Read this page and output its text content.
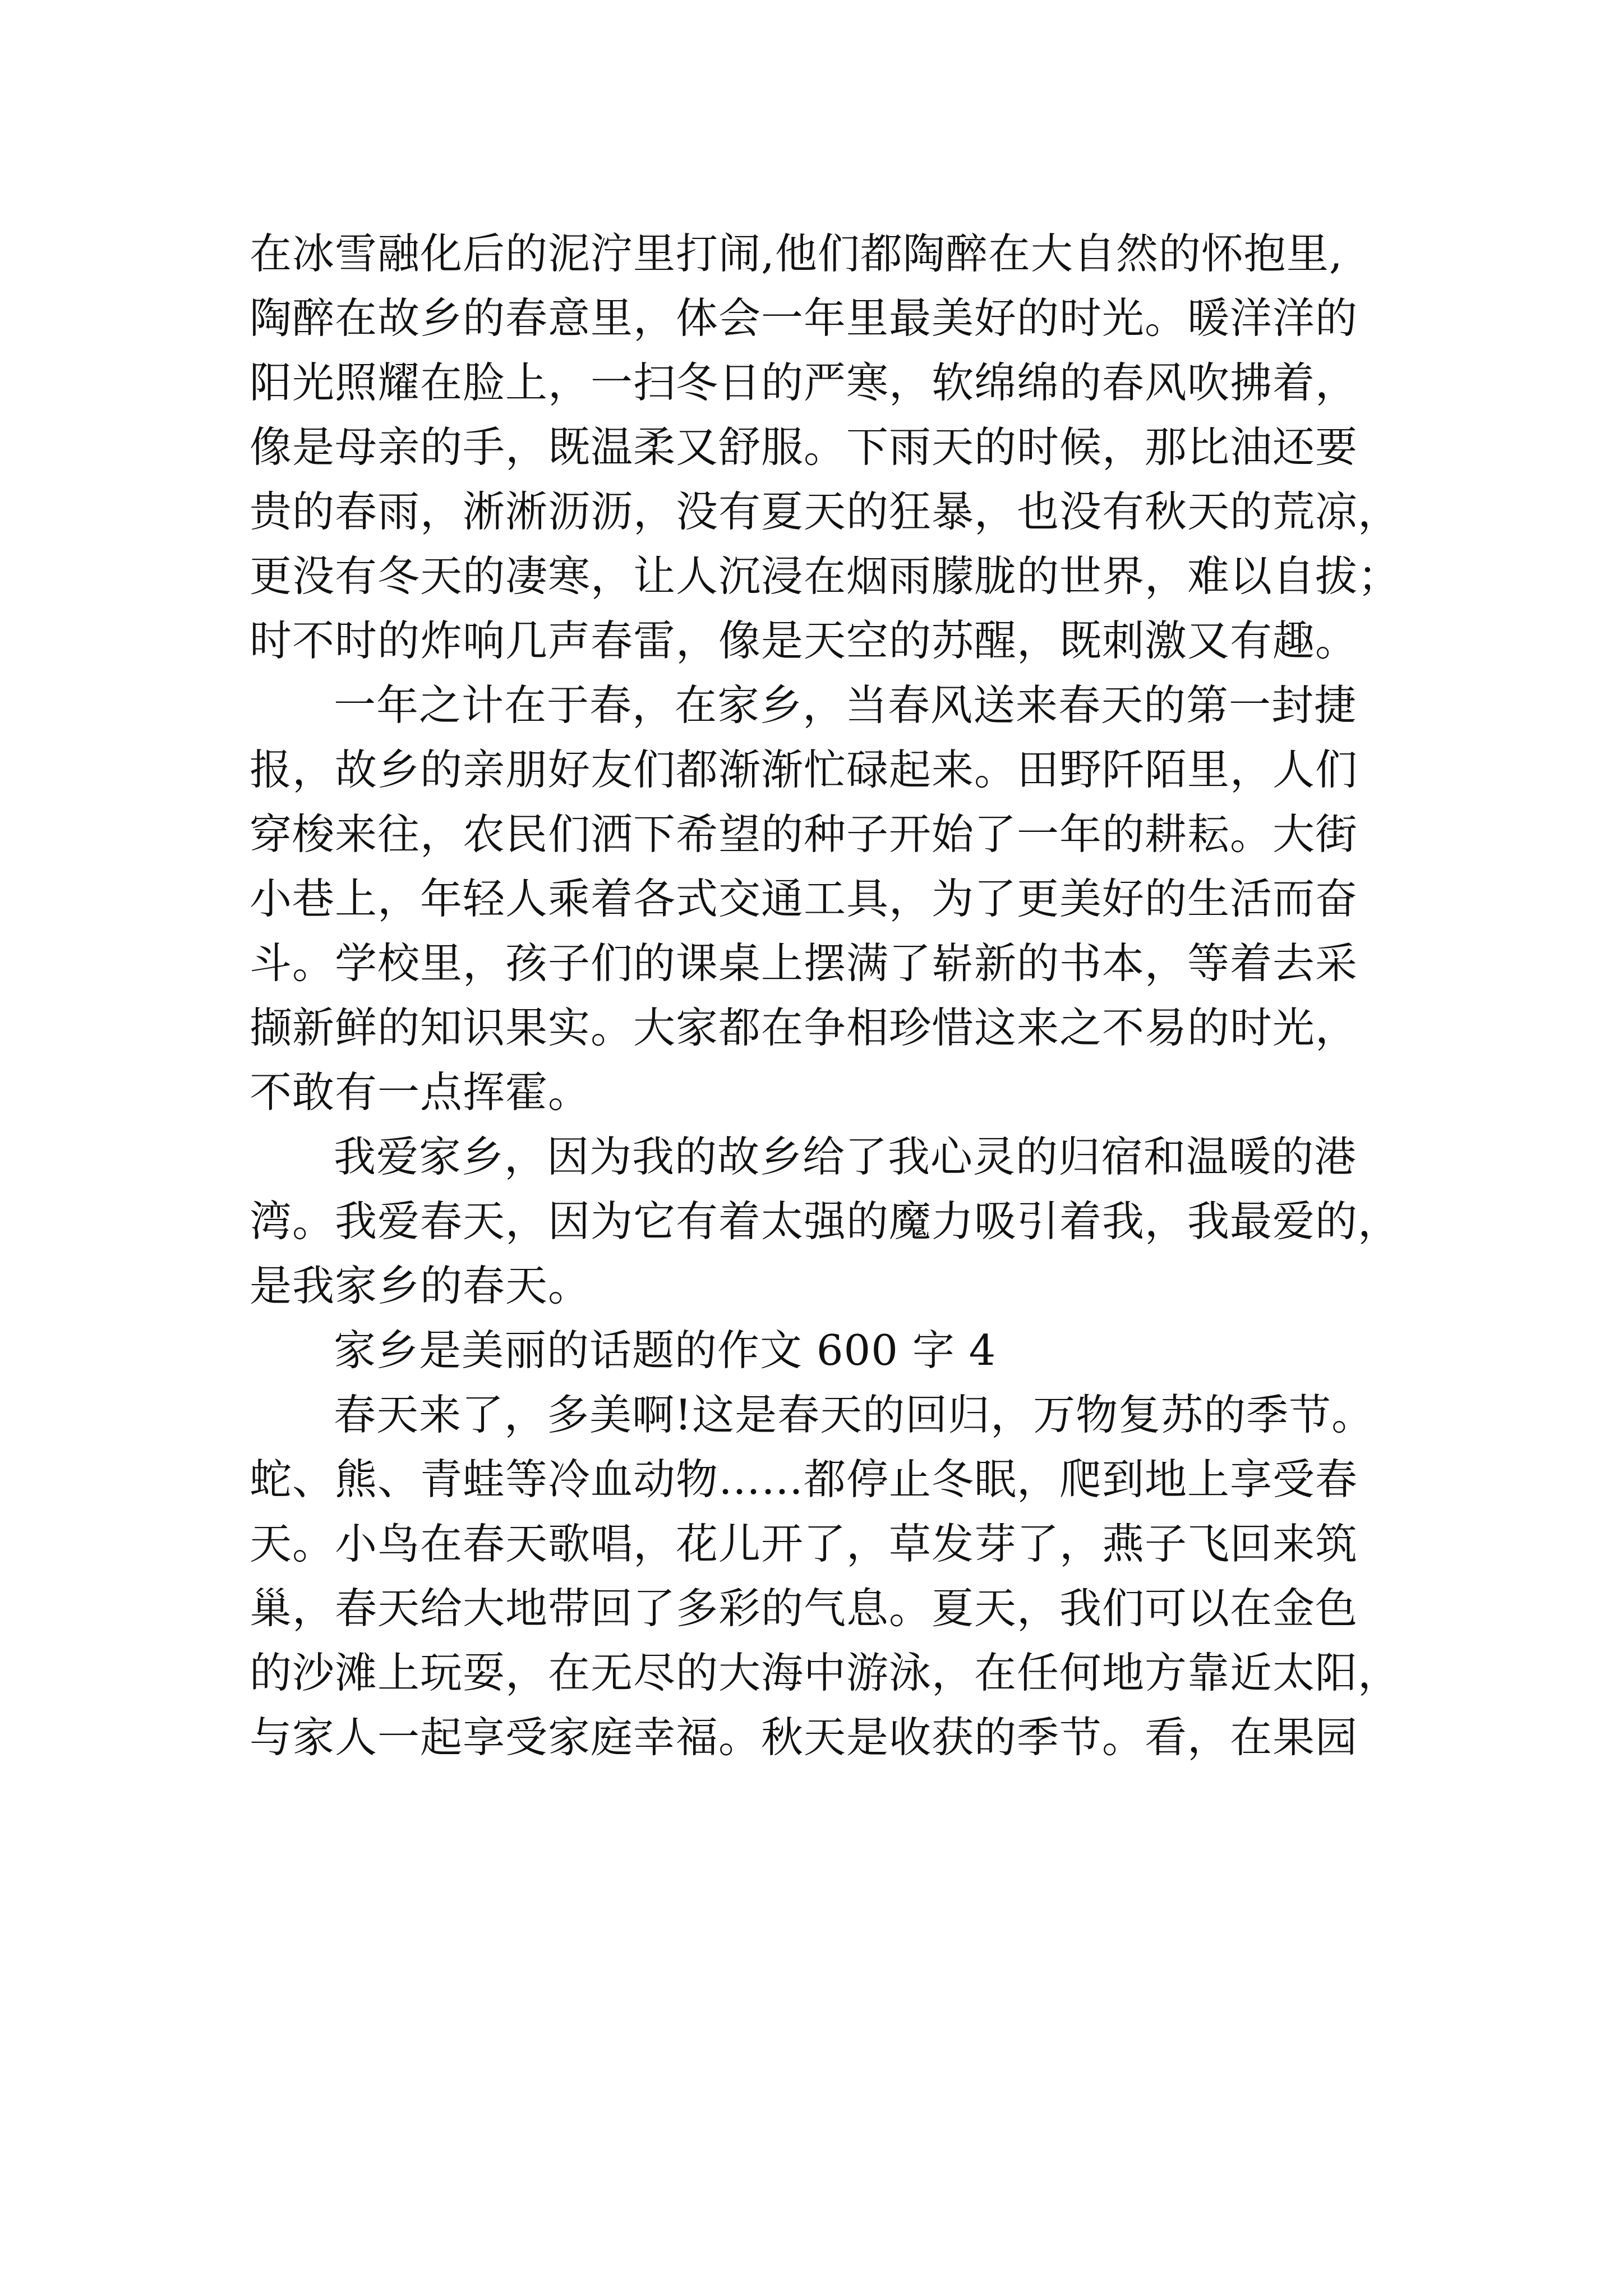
在冰雪融化后的泥泞里打闹,他们都陶醉在大自然的怀抱里,
陶醉在故乡的春意里，体会一年里最美好的时光。暖洋洋的
阳光照耀在脸上，一扫冬日的严寒，软绵绵的春风吹拂着，
像是母亲的手，既温柔又舒服。下雨天的时候，那比油还要
贵的春雨，淅淅沥沥，没有夏天的狂暴，也没有秋天的荒凉，
更没有冬天的凄寒，让人沉浸在烟雨朦胧的世界，难以自拔；
时不时的炸响几声春雷，像是天空的苏醒，既刺激又有趣。
一年之计在于春，在家乡，当春风送来春天的第一封捷
报，故乡的亲朋好友们都渐渐忙碌起来。田野阡陌里，人们
穿梭来往，农民们洒下希望的种子开始了一年的耕耘。大街
小巷上，年轻人乘着各式交通工具，为了更美好的生活而奋
斗。学校里，孩子们的课桌上摆满了崭新的书本，等着去采
撷新鲜的知识果实。大家都在争相珍惜这来之不易的时光，
不敢有一点挥霍。
我爱家乡，因为我的故乡给了我心灵的归宿和温暖的港
湾。我爱春天，因为它有着太强的魔力吸引着我，我最爱的，
是我家乡的春天。
家乡是美丽的话题的作文 600 字 4
春天来了，多美啊!这是春天的回归，万物复苏的季节。
蛇、熊、青蛙等冷血动物……都停止冬眠，爬到地上享受春
天。小鸟在春天歌唱，花儿开了，草发芽了，燕子飞回来筑
巢，春天给大地带回了多彩的气息。夏天，我们可以在金色
的沙滩上玩耍，在无尽的大海中游泳，在任何地方靠近太阳，
与家人一起享受家庭幸福。秋天是收获的季节。看，在果园
